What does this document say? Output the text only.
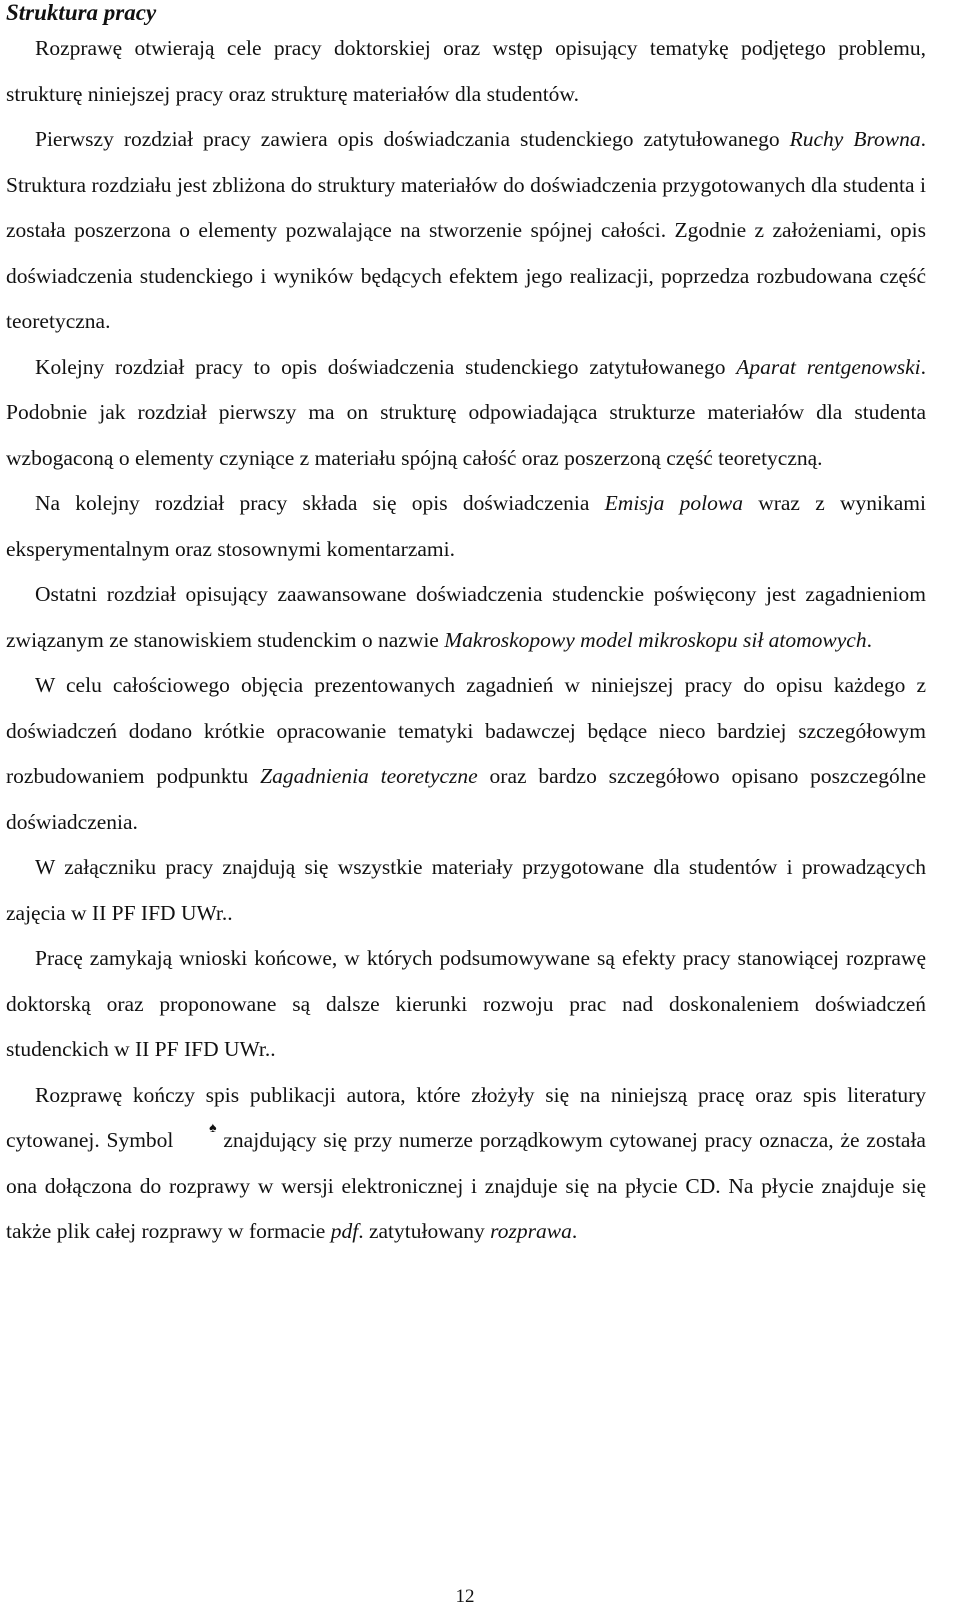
Struktura pracy

Rozprawę otwierają cele pracy doktorskiej oraz wstęp opisujący tematykę podjętego problemu, strukturę niniejszej pracy oraz strukturę materiałów dla studentów.

Pierwszy rozdział pracy zawiera opis doświadczania studenckiego zatytułowanego Ruchy Browna. Struktura rozdziału jest zbliżona do struktury materiałów do doświadczenia przygotowanych dla studenta i została poszerzona o elementy pozwalające na stworzenie spójnej całości. Zgodnie z założeniami, opis doświadczenia studenckiego i wyników będących efektem jego realizacji, poprzedza rozbudowana część teoretyczna.

Kolejny rozdział pracy to opis doświadczenia studenckiego zatytułowanego Aparat rentgenowski. Podobnie jak rozdział pierwszy ma on strukturę odpowiadająca strukturze materiałów dla studenta wzbogaconą o elementy czyniące z materiału spójną całość oraz poszerzoną część teoretyczną.

Na kolejny rozdział pracy składa się opis doświadczenia Emisja polowa wraz z wynikami eksperymentalnym oraz stosownymi komentarzami.

Ostatni rozdział opisujący zaawansowane doświadczenia studenckie poświęcony jest zagadnieniom związanym ze stanowiskiem studenckim o nazwie Makroskopowy model mikroskopu sił atomowych.

W celu całościowego objęcia prezentowanych zagadnień w niniejszej pracy do opisu każdego z doświadczeń dodano krótkie opracowanie tematyki badawczej będące nieco bardziej szczegółowym rozbudowaniem podpunktu Zagadnienia teoretyczne oraz bardzo szczegółowo opisano poszczególne doświadczenia.

W załączniku pracy znajdują się wszystkie materiały przygotowane dla studentów i prowadzących zajęcia w II PF IFD UWr..

Pracę zamykają wnioski końcowe, w których podsumowywane są efekty pracy stanowiącej rozprawę doktorską oraz proponowane są dalsze kierunki rozwoju prac nad doskonaleniem doświadczeń studenckich w II PF IFD UWr..

Rozprawę kończy spis publikacji autora, które złożyły się na niniejszą pracę oraz spis literatury cytowanej. Symbol ♠ znajdujący się przy numerze porządkowym cytowanej pracy oznacza, że została ona dołączona do rozprawy w wersji elektronicznej i znajduje się na płycie CD. Na płycie znajduje się także plik całej rozprawy w formacie pdf. zatytułowany rozprawa.

12
